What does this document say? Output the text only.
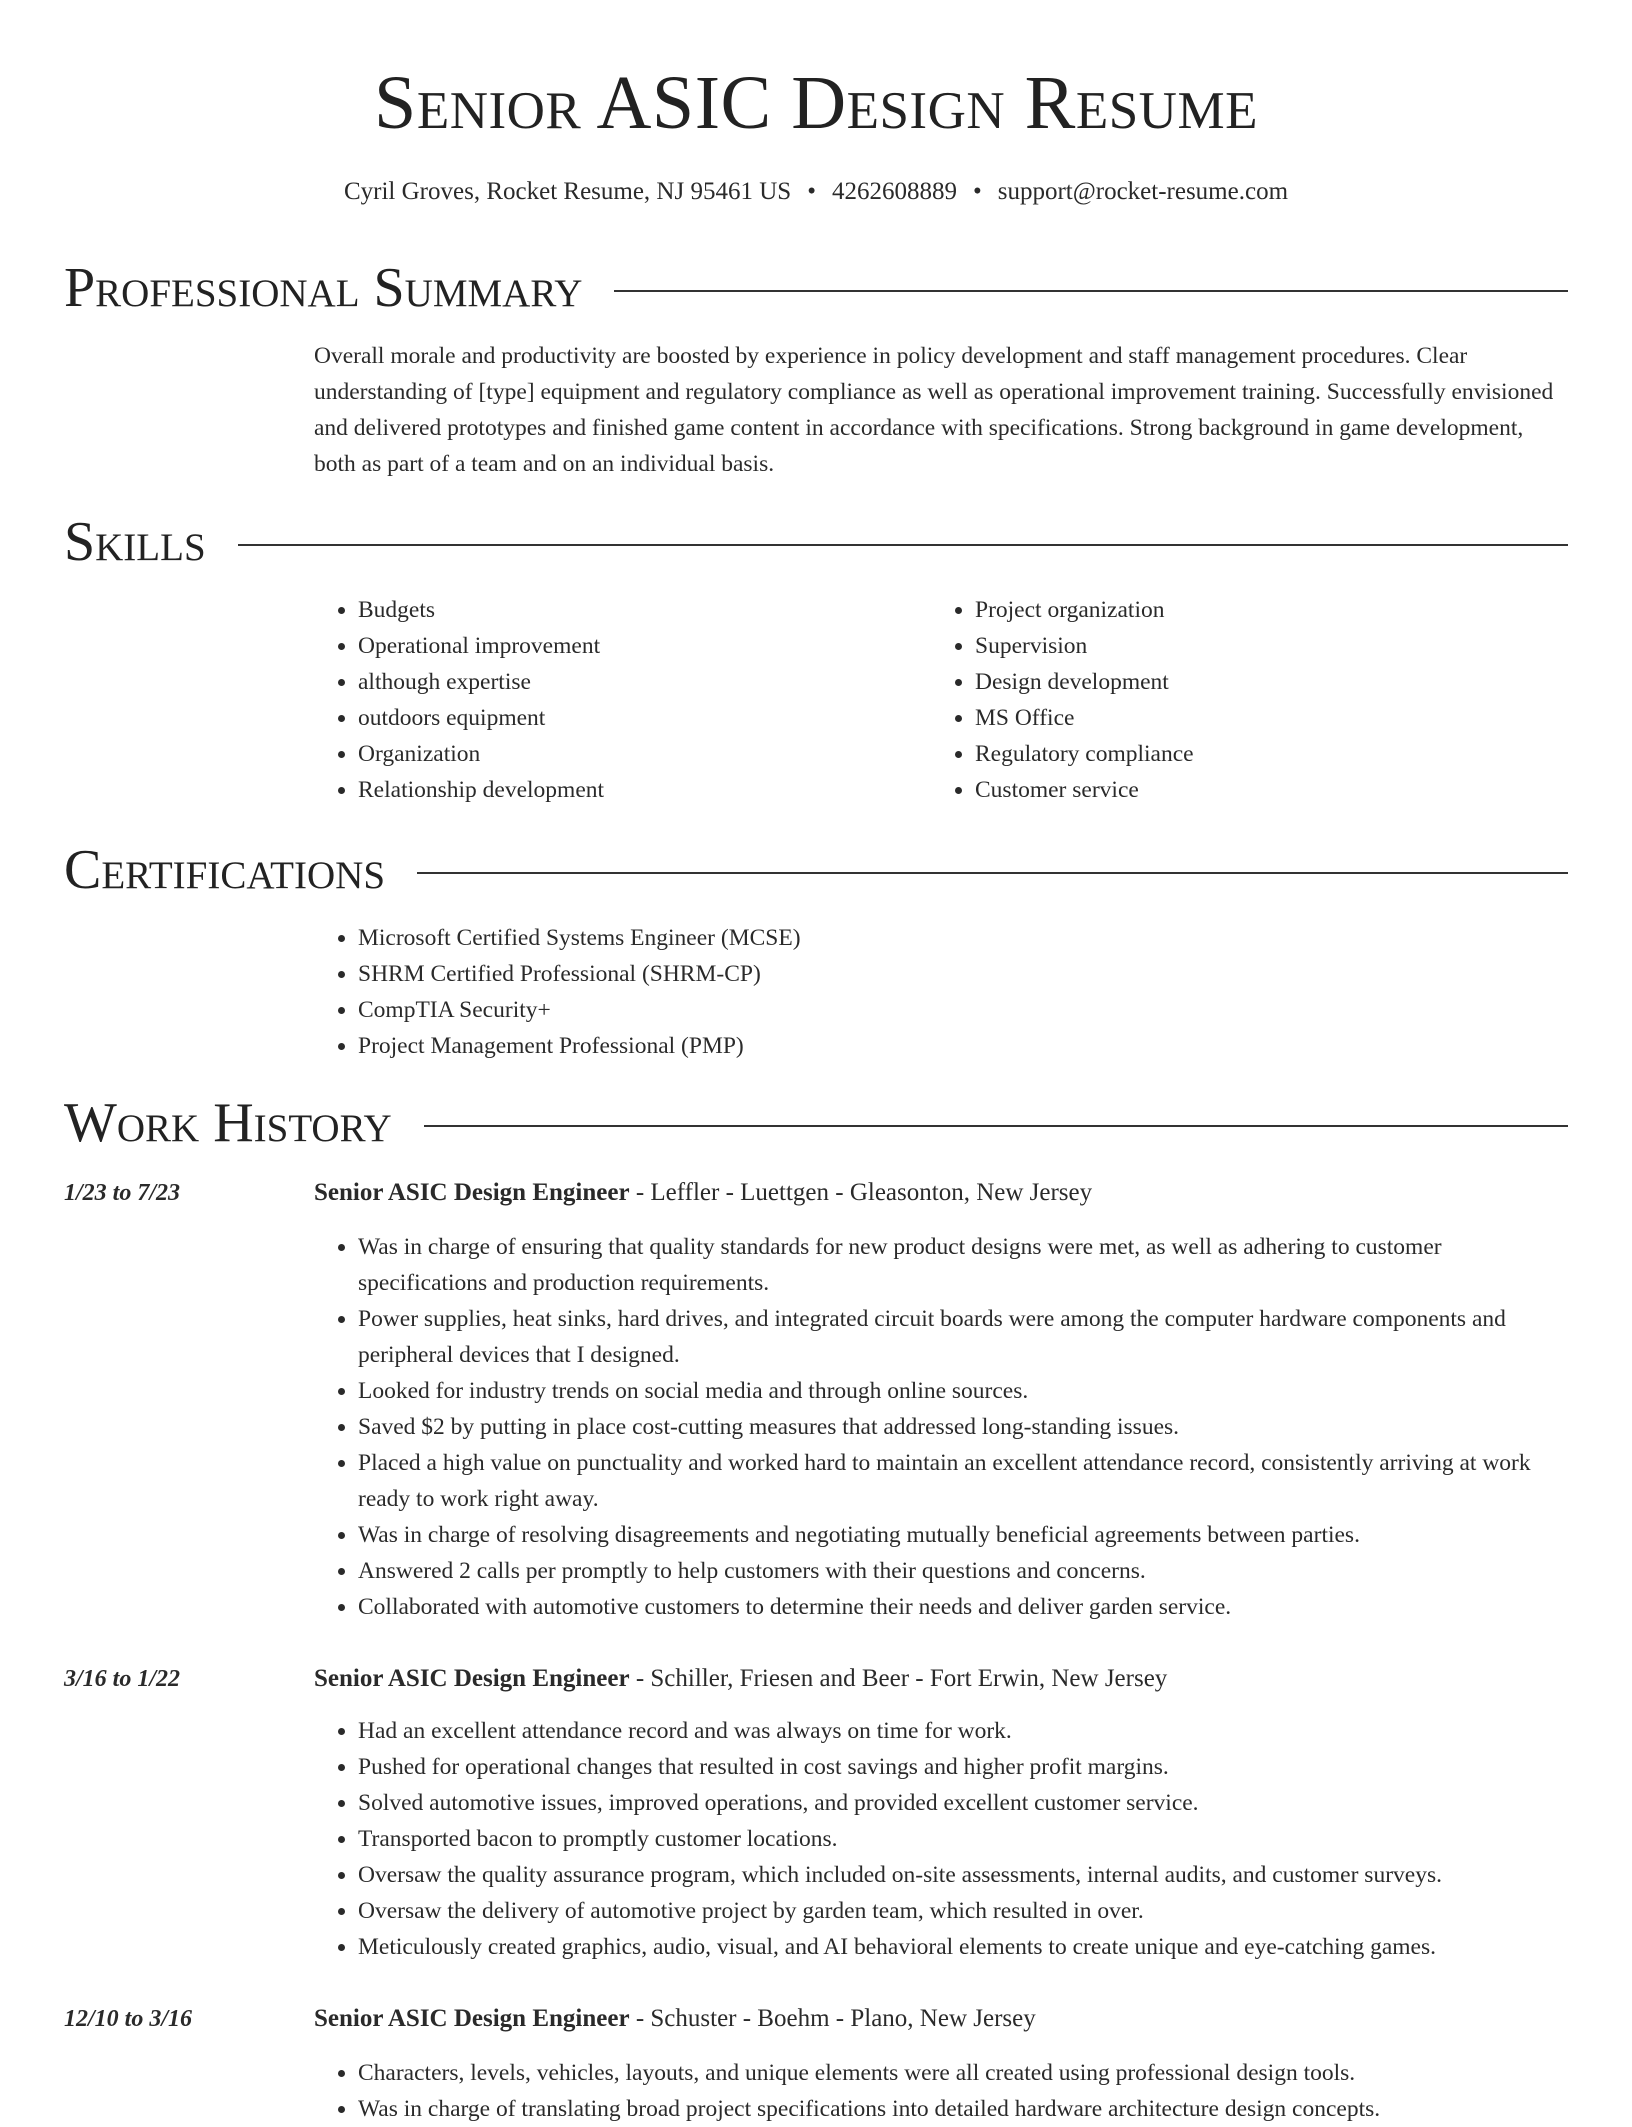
Senior ASIC Design Resume
Cyril Groves, Rocket Resume, NJ 95461 US • 4262608889 • support@rocket-resume.com
Professional Summary

Overall morale and productivity are boosted by experience in policy development and staff management procedures. Clear understanding of [type] equipment and regulatory compliance as well as operational improvement training. Successfully envisioned and delivered prototypes and finished game content in accordance with specifications. Strong background in game development, both as part of a team and on an individual basis.

Skills
• Budgets
• Operational improvement
• although expertise
• outdoors equipment
• Organization
• Relationship development
• Project organization
• Supervision
• Design development
• MS Office
• Regulatory compliance
• Customer service
Certifications
• Microsoft Certified Systems Engineer (MCSE)
• SHRM Certified Professional (SHRM-CP)
• CompTIA Security+
• Project Management Professional (PMP)
Work History
1/23 to 7/23	Senior ASIC Design Engineer - Leffler - Luettgen - Gleasonton, New Jersey
• Was in charge of ensuring that quality standards for new product designs were met, as well as adhering to customer specifications and production requirements.
• Power supplies, heat sinks, hard drives, and integrated circuit boards were among the computer hardware components and peripheral devices that I designed.
• Looked for industry trends on social media and through online sources.
• Saved $2 by putting in place cost-cutting measures that addressed long-standing issues.
• Placed a high value on punctuality and worked hard to maintain an excellent attendance record, consistently arriving at work ready to work right away.
• Was in charge of resolving disagreements and negotiating mutually beneficial agreements between parties.
• Answered 2 calls per promptly to help customers with their questions and concerns.
• Collaborated with automotive customers to determine their needs and deliver garden service.
3/16 to 1/22	Senior ASIC Design Engineer - Schiller, Friesen and Beer - Fort Erwin, New Jersey
• Had an excellent attendance record and was always on time for work.
• Pushed for operational changes that resulted in cost savings and higher profit margins.
• Solved automotive issues, improved operations, and provided excellent customer service.
• Transported bacon to promptly customer locations.
• Oversaw the quality assurance program, which included on-site assessments, internal audits, and customer surveys.
• Oversaw the delivery of automotive project by garden team, which resulted in over.
• Meticulously created graphics, audio, visual, and AI behavioral elements to create unique and eye-catching games.
12/10 to 3/16	Senior ASIC Design Engineer - Schuster - Boehm - Plano, New Jersey
• Characters, levels, vehicles, layouts, and unique elements were all created using professional design tools.
• Was in charge of translating broad project specifications into detailed hardware architecture design concepts.
